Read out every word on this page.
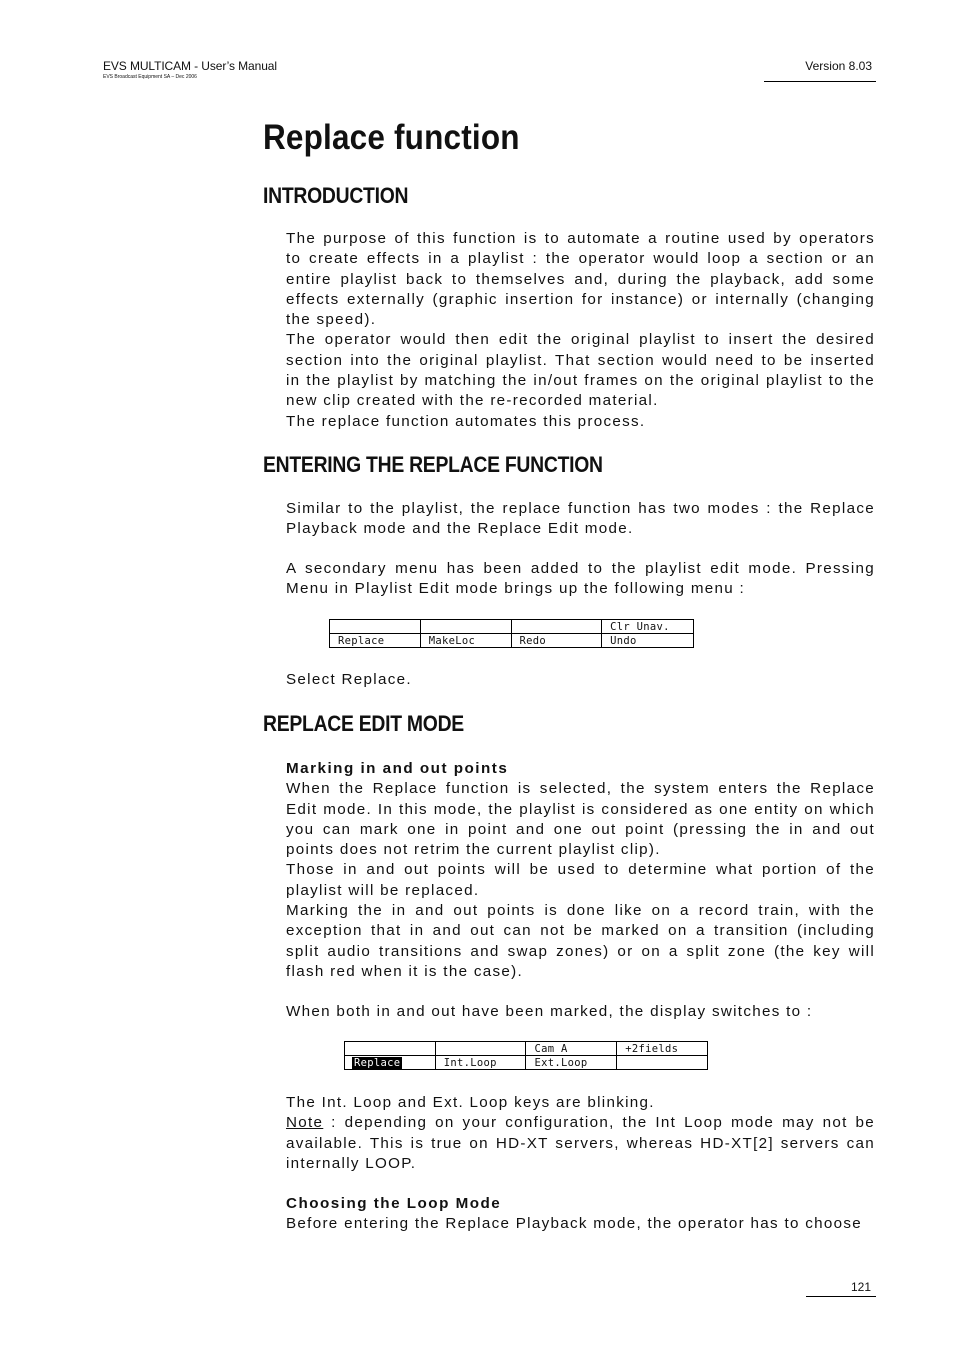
EVS MULTICAM - User’s Manual
EVS Broadcast Equipment SA – Dec 2006
Version 8.03
Replace function
INTRODUCTION

The purpose of this function is to automate a routine used by operators to create effects in a playlist : the operator would loop a section or an entire playlist back to themselves and, during the playback, add some effects externally (graphic insertion for instance) or internally (changing the speed).

The operator would then edit the original playlist to insert the desired section into the original playlist. That section would need to be inserted in the playlist by matching the in/out frames on the original playlist to the new clip created with the re-recorded material.

The replace function automates this process.

ENTERING THE REPLACE FUNCTION

Similar to the playlist, the replace function has two modes : the Replace Playback mode and the Replace Edit mode.

A secondary menu has been added to the playlist edit mode. Pressing Menu in Playlist Edit mode brings up the following menu :

			Clr Unav.
Replace	MakeLoc	Redo	Undo

Select Replace.

REPLACE EDIT MODE

Marking in and out points

When the Replace function is selected, the system enters the Replace Edit mode. In this mode, the playlist is considered as one entity on which you can mark one in point and one out point (pressing the in and out points does not retrim the current playlist clip).

Those in and out points will be used to determine what portion of the playlist will be replaced.

Marking the in and out points is done like on a record train, with the exception that in and out can not be marked on a transition (including split audio transitions and swap zones) or on a split zone (the key will flash red when it is the case).

When both in and out have been marked, the display switches to :

		Cam A	+2fields
Replace	Int.Loop	Ext.Loop	

The Int. Loop and Ext. Loop keys are blinking.

Note : depending on your configuration, the Int Loop mode may not be available. This is true on HD-XT servers, whereas HD-XT[2] servers can internally LOOP.

Choosing the Loop Mode

Before entering the Replace Playback mode, the operator has to choose

121
